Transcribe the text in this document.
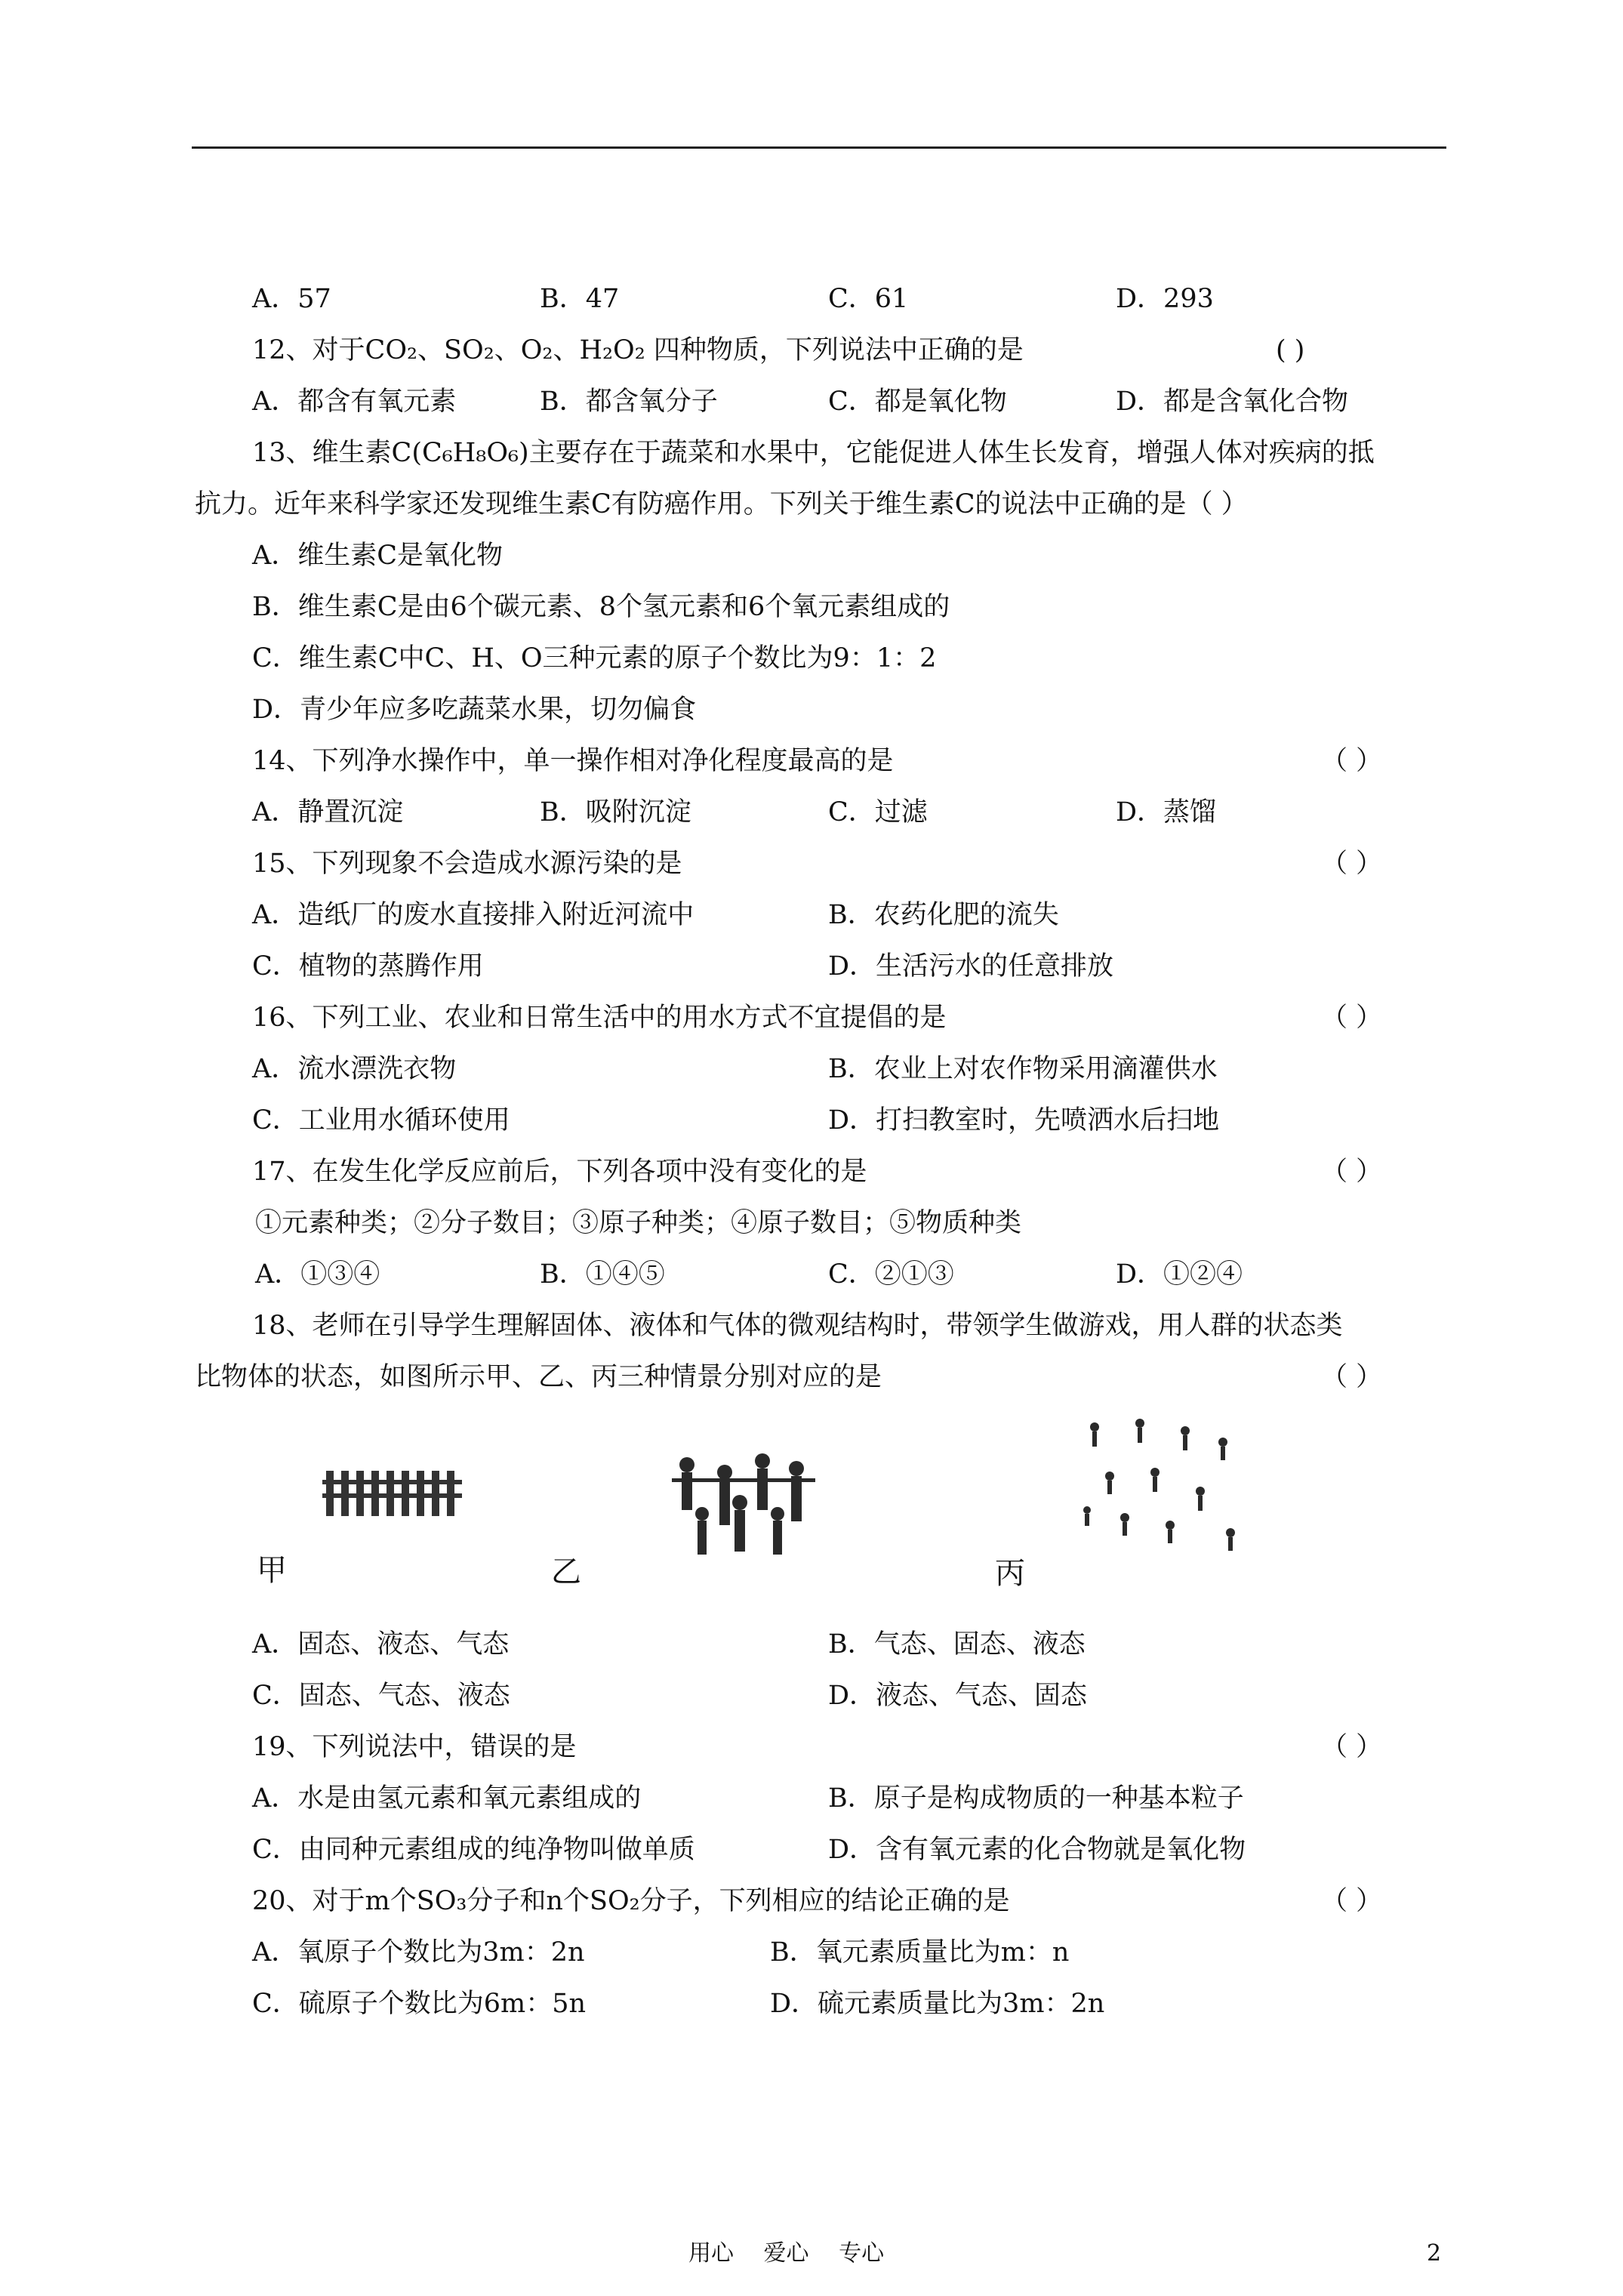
A．57	B．47	C．61	D．293
12、对于CO₂、SO₂、O₂、H₂O₂ 四种物质，下列说法中正确的是	( )
A．都含有氧元素	B．都含氧分子	C．都是氧化物	D．都是含氧化合物
13、维生素C(C₆H₈O₆)主要存在于蔬菜和水果中，它能促进人体生长发育，增强人体对疾病的抵
抗力。近年来科学家还发现维生素C有防癌作用。下列关于维生素C的说法中正确的是（ ）
A．维生素C是氧化物
B．维生素C是由6个碳元素、8个氢元素和6个氧元素组成的
C．维生素C中C、H、O三种元素的原子个数比为9：1：2
D．青少年应多吃蔬菜水果，切勿偏食
14、下列净水操作中，单一操作相对净化程度最高的是	（ ）
A．静置沉淀	B．吸附沉淀	C．过滤	D．蒸馏
15、下列现象不会造成水源污染的是	（ ）
A．造纸厂的废水直接排入附近河流中	B．农药化肥的流失
C．植物的蒸腾作用	D．生活污水的任意排放
16、下列工业、农业和日常生活中的用水方式不宜提倡的是	（ ）
A．流水漂洗衣物	B．农业上对农作物采用滴灌供水
C．工业用水循环使用	D．打扫教室时，先喷洒水后扫地
17、在发生化学反应前后，下列各项中没有变化的是	（ ）
①元素种类；②分子数目；③原子种类；④原子数目；⑤物质种类
A．①③④	B．①④⑤	C．②①③	D．①②④
18、老师在引导学生理解固体、液体和气体的微观结构时，带领学生做游戏，用人群的状态类
比物体的状态，如图所示甲、乙、丙三种情景分别对应的是	（ ）
甲	乙	丙
A．固态、液态、气态	B．气态、固态、液态
C．固态、气态、液态	D．液态、气态、固态
19、下列说法中，错误的是	（ ）
A．水是由氢元素和氧元素组成的	B．原子是构成物质的一种基本粒子
C．由同种元素组成的纯净物叫做单质	D．含有氧元素的化合物就是氧化物
20、对于m个SO₃分子和n个SO₂分子，下列相应的结论正确的是	（ ）
A．氧原子个数比为3m：2n	B．氧元素质量比为m：n
C．硫原子个数比为6m：5n	D．硫元素质量比为3m：2n
用心　 爱心　 专心	2
